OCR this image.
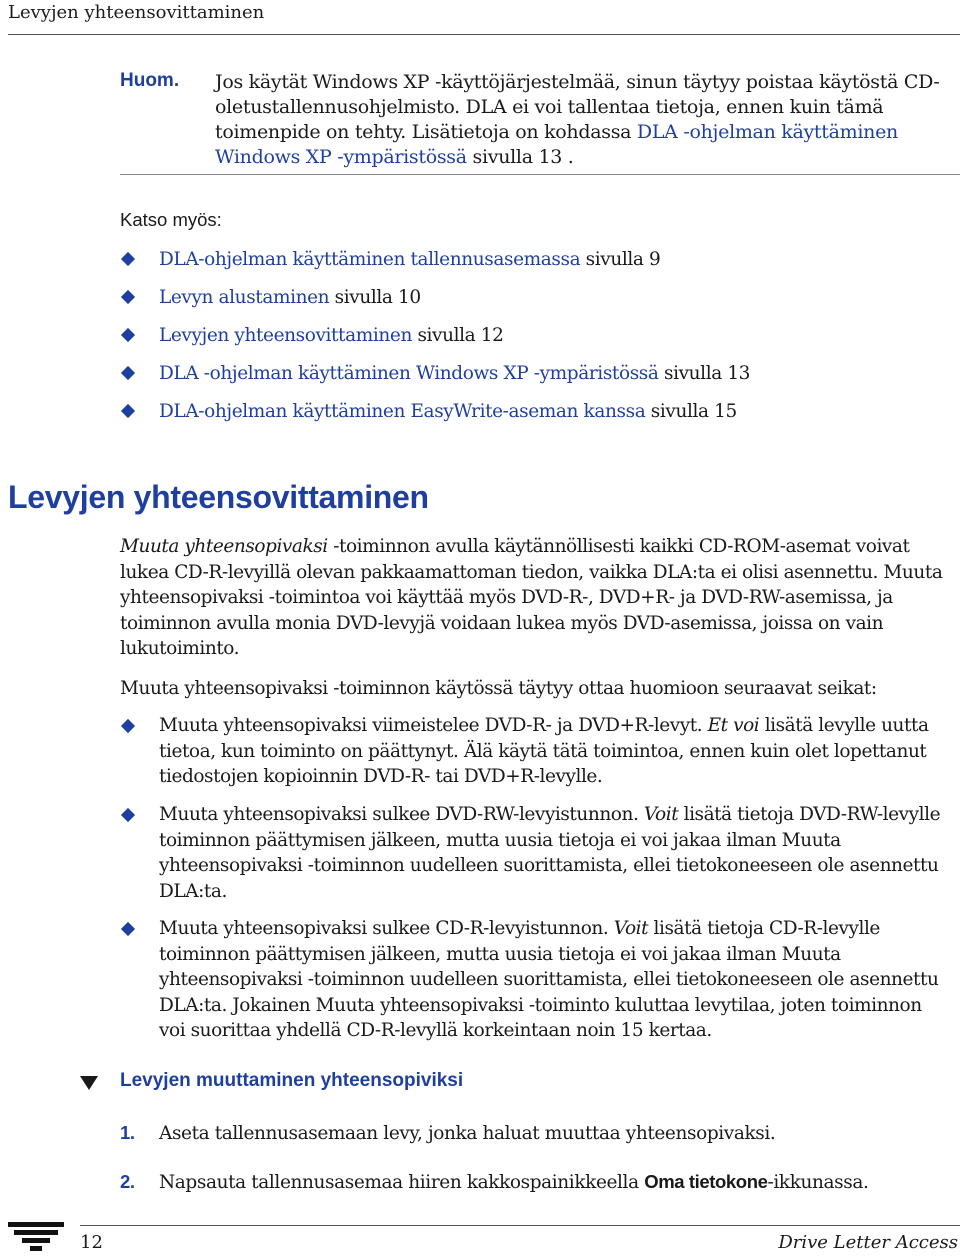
Levyjen yhteensovittaminen
Huom. Jos käytät Windows XP -käyttöjärjestelmää, sinun täytyy poistaa käytöstä CD-oletustallennusohjelmisto. DLA ei voi tallentaa tietoja, ennen kuin tämä toimenpide on tehty. Lisätietoja on kohdassa DLA -ohjelman käyttäminen Windows XP -ympäristössä sivulla 13 .
Katso myös:
DLA-ohjelman käyttäminen tallennusasemassa sivulla 9
Levyn alustaminen sivulla 10
Levyjen yhteensovittaminen sivulla 12
DLA -ohjelman käyttäminen Windows XP -ympäristössä sivulla 13
DLA-ohjelman käyttäminen EasyWrite-aseman kanssa sivulla 15
Levyjen yhteensovittaminen

Muuta yhteensopivaksi -toiminnon avulla käytännöllisesti kaikki CD-ROM-asemat voivat lukea CD-R-levyillä olevan pakkaamattoman tiedon, vaikka DLA:ta ei olisi asennettu. Muuta yhteensopivaksi -toimintoa voi käyttää myös DVD-R-, DVD+R- ja DVD-RW-asemissa, ja toiminnon avulla monia DVD-levyjä voidaan lukea myös DVD-asemissa, joissa on vain lukutoiminto.

Muuta yhteensopivaksi -toiminnon käytössä täytyy ottaa huomioon seuraavat seikat:

Muuta yhteensopivaksi viimeistelee DVD-R- ja DVD+R-levyt. Et voi lisätä levylle uutta tietoa, kun toiminto on päättynyt. Älä käytä tätä toimintoa, ennen kuin olet lopettanut tiedostojen kopioinnin DVD-R- tai DVD+R-levylle.
Muuta yhteensopivaksi sulkee DVD-RW-levyistunnon. Voit lisätä tietoja DVD-RW-levylle toiminnon päättymisen jälkeen, mutta uusia tietoja ei voi jakaa ilman Muuta yhteensopivaksi -toiminnon uudelleen suorittamista, ellei tietokoneeseen ole asennettu DLA:ta.
Muuta yhteensopivaksi sulkee CD-R-levyistunnon. Voit lisätä tietoja CD-R-levylle toiminnon päättymisen jälkeen, mutta uusia tietoja ei voi jakaa ilman Muuta yhteensopivaksi -toiminnon uudelleen suorittamista, ellei tietokoneeseen ole asennettu DLA:ta. Jokainen Muuta yhteensopivaksi -toiminto kuluttaa levytilaa, joten toiminnon voi suorittaa yhdellä CD-R-levyllä korkeintaan noin 15 kertaa.
Levyjen muuttaminen yhteensopiviksi
1. Aseta tallennusasemaan levy, jonka haluat muuttaa yhteensopivaksi.
2. Napsauta tallennusasemaa hiiren kakkospainikkeella Oma tietokone-ikkunassa.
12	Drive Letter Access
